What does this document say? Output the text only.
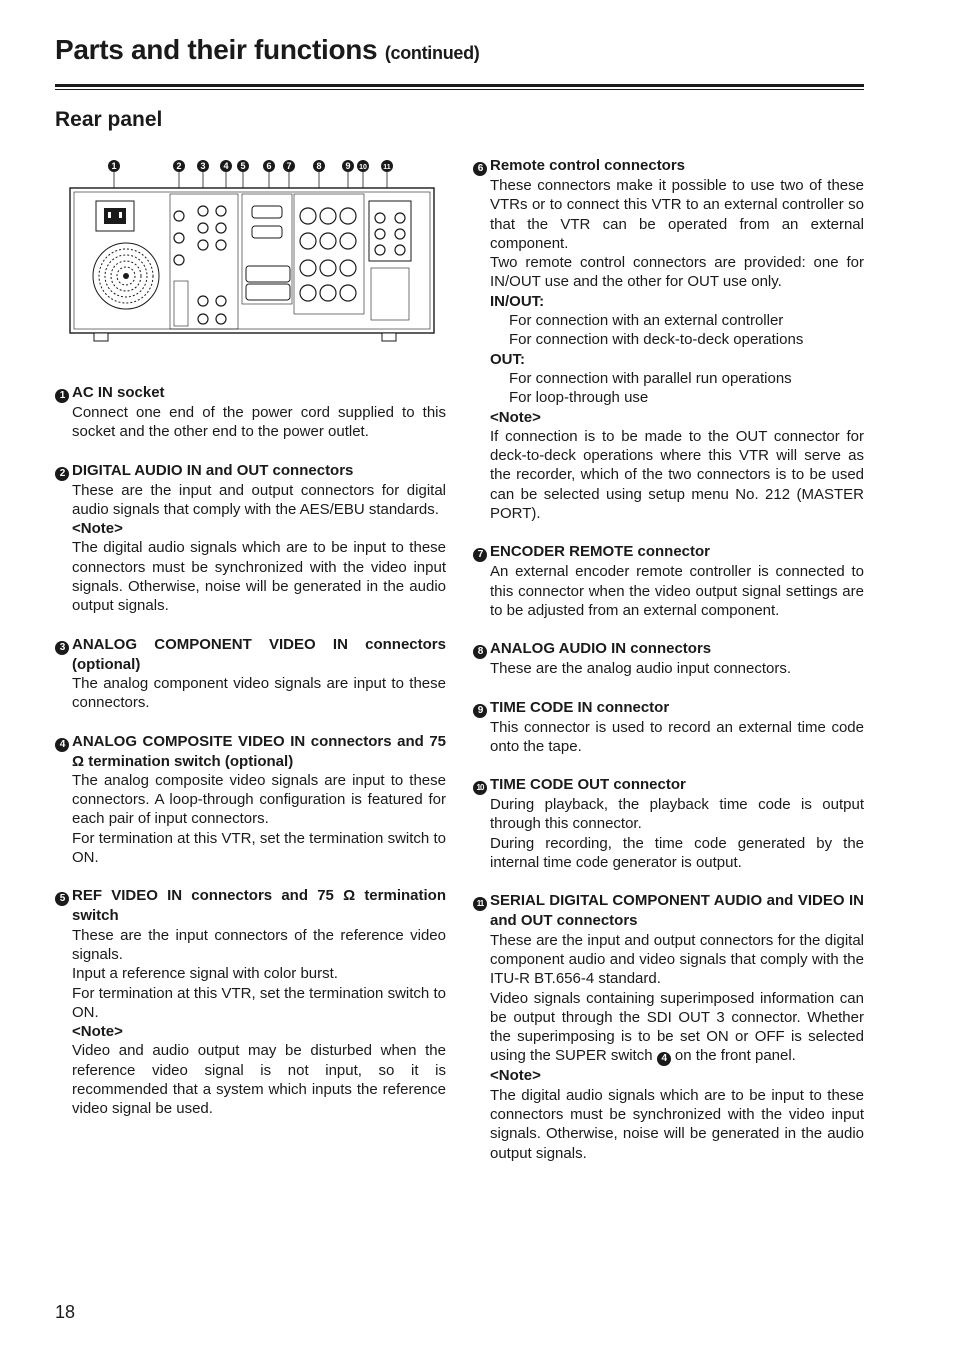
Parts and their functions (continued)
Rear panel
1	2 3 4 5 6 7	8	9 10 11
1 AC IN socket

Connect one end of the power cord supplied to this socket and the other end to the power outlet.

2 DIGITAL AUDIO IN and OUT connectors

These are the input and output connectors for digital audio signals that comply with the AES/EBU standards.

<Note>

The digital audio signals which are to be input to these connectors must be synchronized with the video input signals. Otherwise, noise will be generated in the audio output signals.

3 ANALOG COMPONENT VIDEO IN connectors (optional)

The analog component video signals are input to these connectors.

4 ANALOG COMPOSITE VIDEO IN connectors and 75 Ω termination switch (optional)

The analog composite video signals are input to these connectors. A loop-through configuration is featured for each pair of input connectors.

For termination at this VTR, set the termination switch to ON.

5 REF VIDEO IN connectors and 75 Ω termination switch

These are the input connectors of the reference video signals.

Input a reference signal with color burst.

For termination at this VTR, set the termination switch to ON.

<Note>

Video and audio output may be disturbed when the reference video signal is not input, so it is recommended that a system which inputs the reference video signal be used.

6 Remote control connectors

These connectors make it possible to use two of these VTRs or to connect this VTR to an external controller so that the VTR can be operated from an external component.

Two remote control connectors are provided: one for IN/OUT use and the other for OUT use only.

IN/OUT:

For connection with an external controller

For connection with deck-to-deck operations

OUT:

For connection with parallel run operations

For loop-through use

<Note>

If connection is to be made to the OUT connector for deck-to-deck operations where this VTR will serve as the recorder, which of the two connectors is to be used can be selected using setup menu No. 212 (MASTER PORT).

7 ENCODER REMOTE connector

An external encoder remote controller is connected to this connector when the video output signal settings are to be adjusted from an external component.

8 ANALOG AUDIO IN connectors

These are the analog audio input connectors.

9 TIME CODE IN connector

This connector is used to record an external time code onto the tape.

10 TIME CODE OUT connector

During playback, the playback time code is output through this connector.

During recording, the time code generated by the internal time code generator is output.

11 SERIAL DIGITAL COMPONENT AUDIO and VIDEO IN and OUT connectors

These are the input and output connectors for the digital component audio and video signals that comply with the ITU-R BT.656-4 standard.

Video signals containing superimposed information can be output through the SDI OUT 3 connector. Whether the superimposing is to be set ON or OFF is selected using the SUPER switch 4 on the front panel.

<Note>

The digital audio signals which are to be input to these connectors must be synchronized with the video input signals. Otherwise, noise will be generated in the audio output signals.

18
